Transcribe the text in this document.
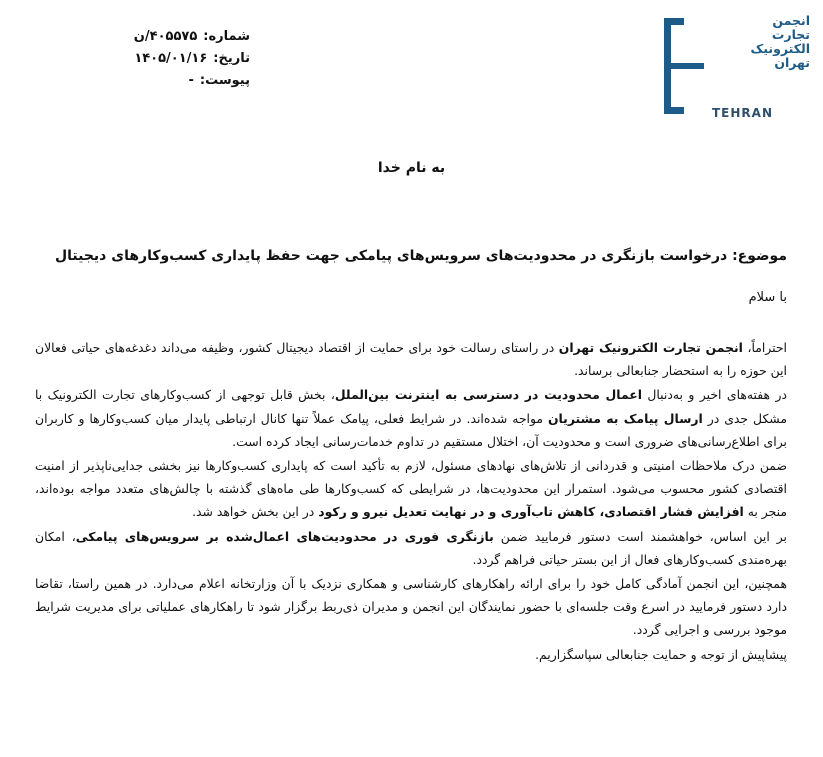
انجمن
تجارت
الکترونیک
تهران
TEHRAN
شماره:
۴۰۵۵۷۵/ن
تاریخ:
۱۴۰۵/۰۱/۱۶
پیوست:
-
به نام خدا
موضوع: درخواست بازنگری در محدودیت‌های سرویس‌های پیامکی جهت حفظ پایداری کسب‌وکارهای دیجیتال
با سلام

احتراماً، انجمن تجارت الکترونیک تهران در راستای رسالت خود برای حمایت از اقتصاد دیجیتال کشور، وظیفه می‌داند دغدغه‌های حیاتی فعالان این حوزه را به استحضار جنابعالی برساند.

در هفته‌های اخیر و به‌دنبال اعمال محدودیت در دسترسی به اینترنت بین‌الملل، بخش قابل توجهی از کسب‌وکارهای تجارت الکترونیک با مشکل جدی در ارسال پیامک به مشتریان مواجه شده‌اند. در شرایط فعلی، پیامک عملاً تنها کانال ارتباطی پایدار میان کسب‌وکارها و کاربران برای اطلاع‌رسانی‌های ضروری است و محدودیت آن، اختلال مستقیم در تداوم خدمات‌رسانی ایجاد کرده است.

ضمن درک ملاحظات امنیتی و قدردانی از تلاش‌های نهادهای مسئول، لازم به تأکید است که پایداری کسب‌وکارها نیز بخشی جدایی‌ناپذیر از امنیت اقتصادی کشور محسوب می‌شود. استمرار این محدودیت‌ها، در شرایطی که کسب‌وکارها طی ماه‌های گذشته با چالش‌های متعدد مواجه بوده‌اند، منجر به افزایش فشار اقتصادی، کاهش تاب‌آوری و در نهایت تعدیل نیرو و رکود در این بخش خواهد شد.

بر این اساس، خواهشمند است دستور فرمایید ضمن بازنگری فوری در محدودیت‌های اعمال‌شده بر سرویس‌های پیامکی، امکان بهره‌مندی کسب‌وکارهای فعال از این بستر حیاتی فراهم گردد.

همچنین، این انجمن آمادگی کامل خود را برای ارائه راهکارهای کارشناسی و همکاری نزدیک با آن وزارتخانه اعلام می‌دارد. در همین راستا، تقاضا دارد دستور فرمایید در اسرع وقت جلسه‌ای با حضور نمایندگان این انجمن و مدیران ذی‌ربط برگزار شود تا راهکارهای عملیاتی برای مدیریت شرایط موجود بررسی و اجرایی گردد.

پیشاپیش از توجه و حمایت جنابعالی سپاسگزاریم.
